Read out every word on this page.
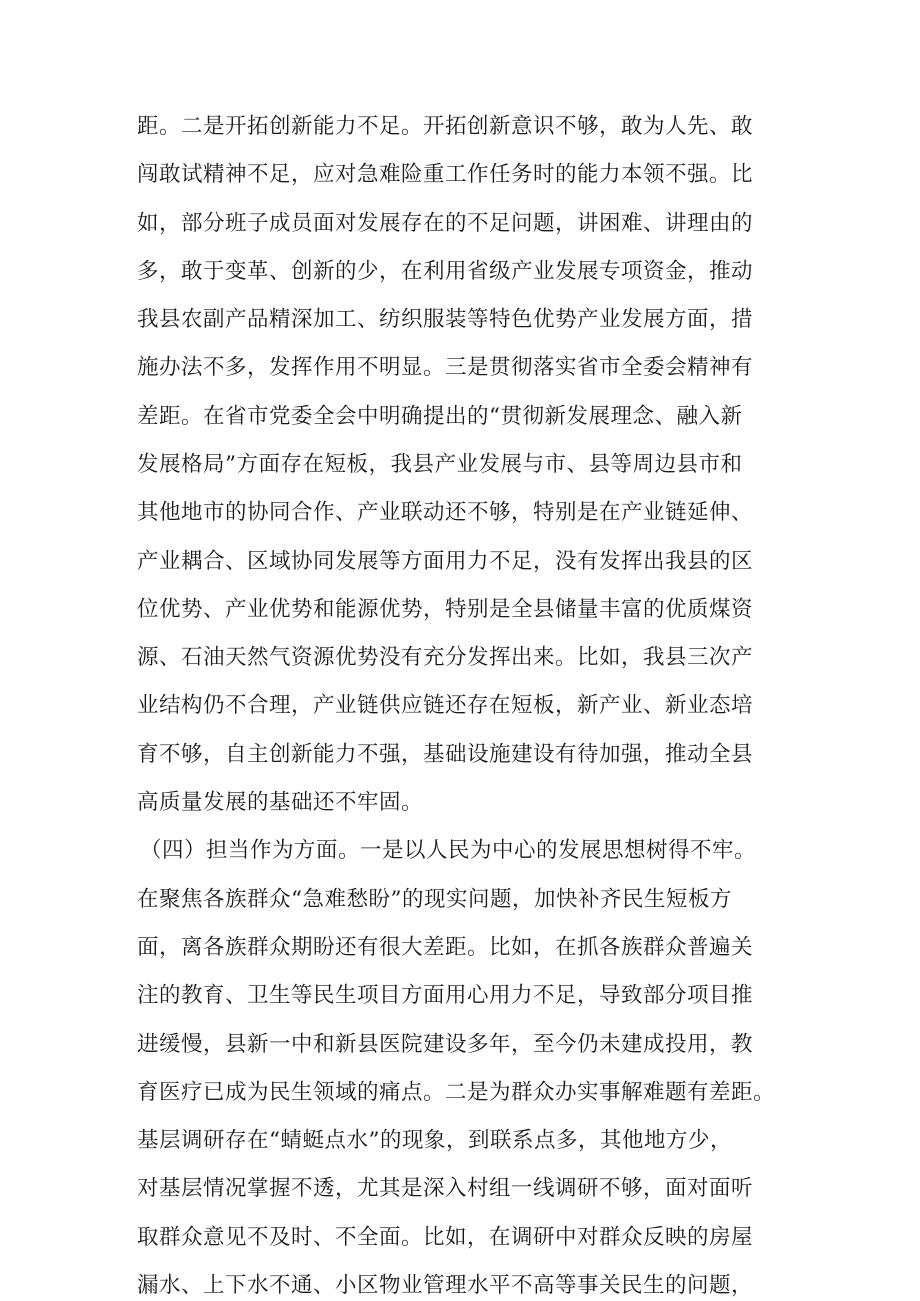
距。二是开拓创新能力不足。开拓创新意识不够，敢为人先、敢
闯敢试精神不足，应对急难险重工作任务时的能力本领不强。比
如，部分班子成员面对发展存在的不足问题，讲困难、讲理由的
多，敢于变革、创新的少，在利用省级产业发展专项资金，推动
我县农副产品精深加工、纺织服装等特色优势产业发展方面，措
施办法不多，发挥作用不明显。三是贯彻落实省市全委会精神有
差距。在省市党委全会中明确提出的“贯彻新发展理念、融入新
发展格局”方面存在短板，我县产业发展与市、县等周边县市和
其他地市的协同合作、产业联动还不够，特别是在产业链延伸、
产业耦合、区域协同发展等方面用力不足，没有发挥出我县的区
位优势、产业优势和能源优势，特别是全县储量丰富的优质煤资
源、石油天然气资源优势没有充分发挥出来。比如，我县三次产
业结构仍不合理，产业链供应链还存在短板，新产业、新业态培
育不够，自主创新能力不强，基础设施建设有待加强，推动全县
高质量发展的基础还不牢固。
（四）担当作为方面。一是以人民为中心的发展思想树得不牢。
在聚焦各族群众“急难愁盼”的现实问题，加快补齐民生短板方
面，离各族群众期盼还有很大差距。比如，在抓各族群众普遍关
注的教育、卫生等民生项目方面用心用力不足，导致部分项目推
进缓慢，县新一中和新县医院建设多年，至今仍未建成投用，教
育医疗已成为民生领域的痛点。二是为群众办实事解难题有差距。
基层调研存在“蜻蜓点水”的现象，到联系点多，其他地方少，
对基层情况掌握不透，尤其是深入村组一线调研不够，面对面听
取群众意见不及时、不全面。比如，在调研中对群众反映的房屋
漏水、上下水不通、小区物业管理水平不高等事关民生的问题，
